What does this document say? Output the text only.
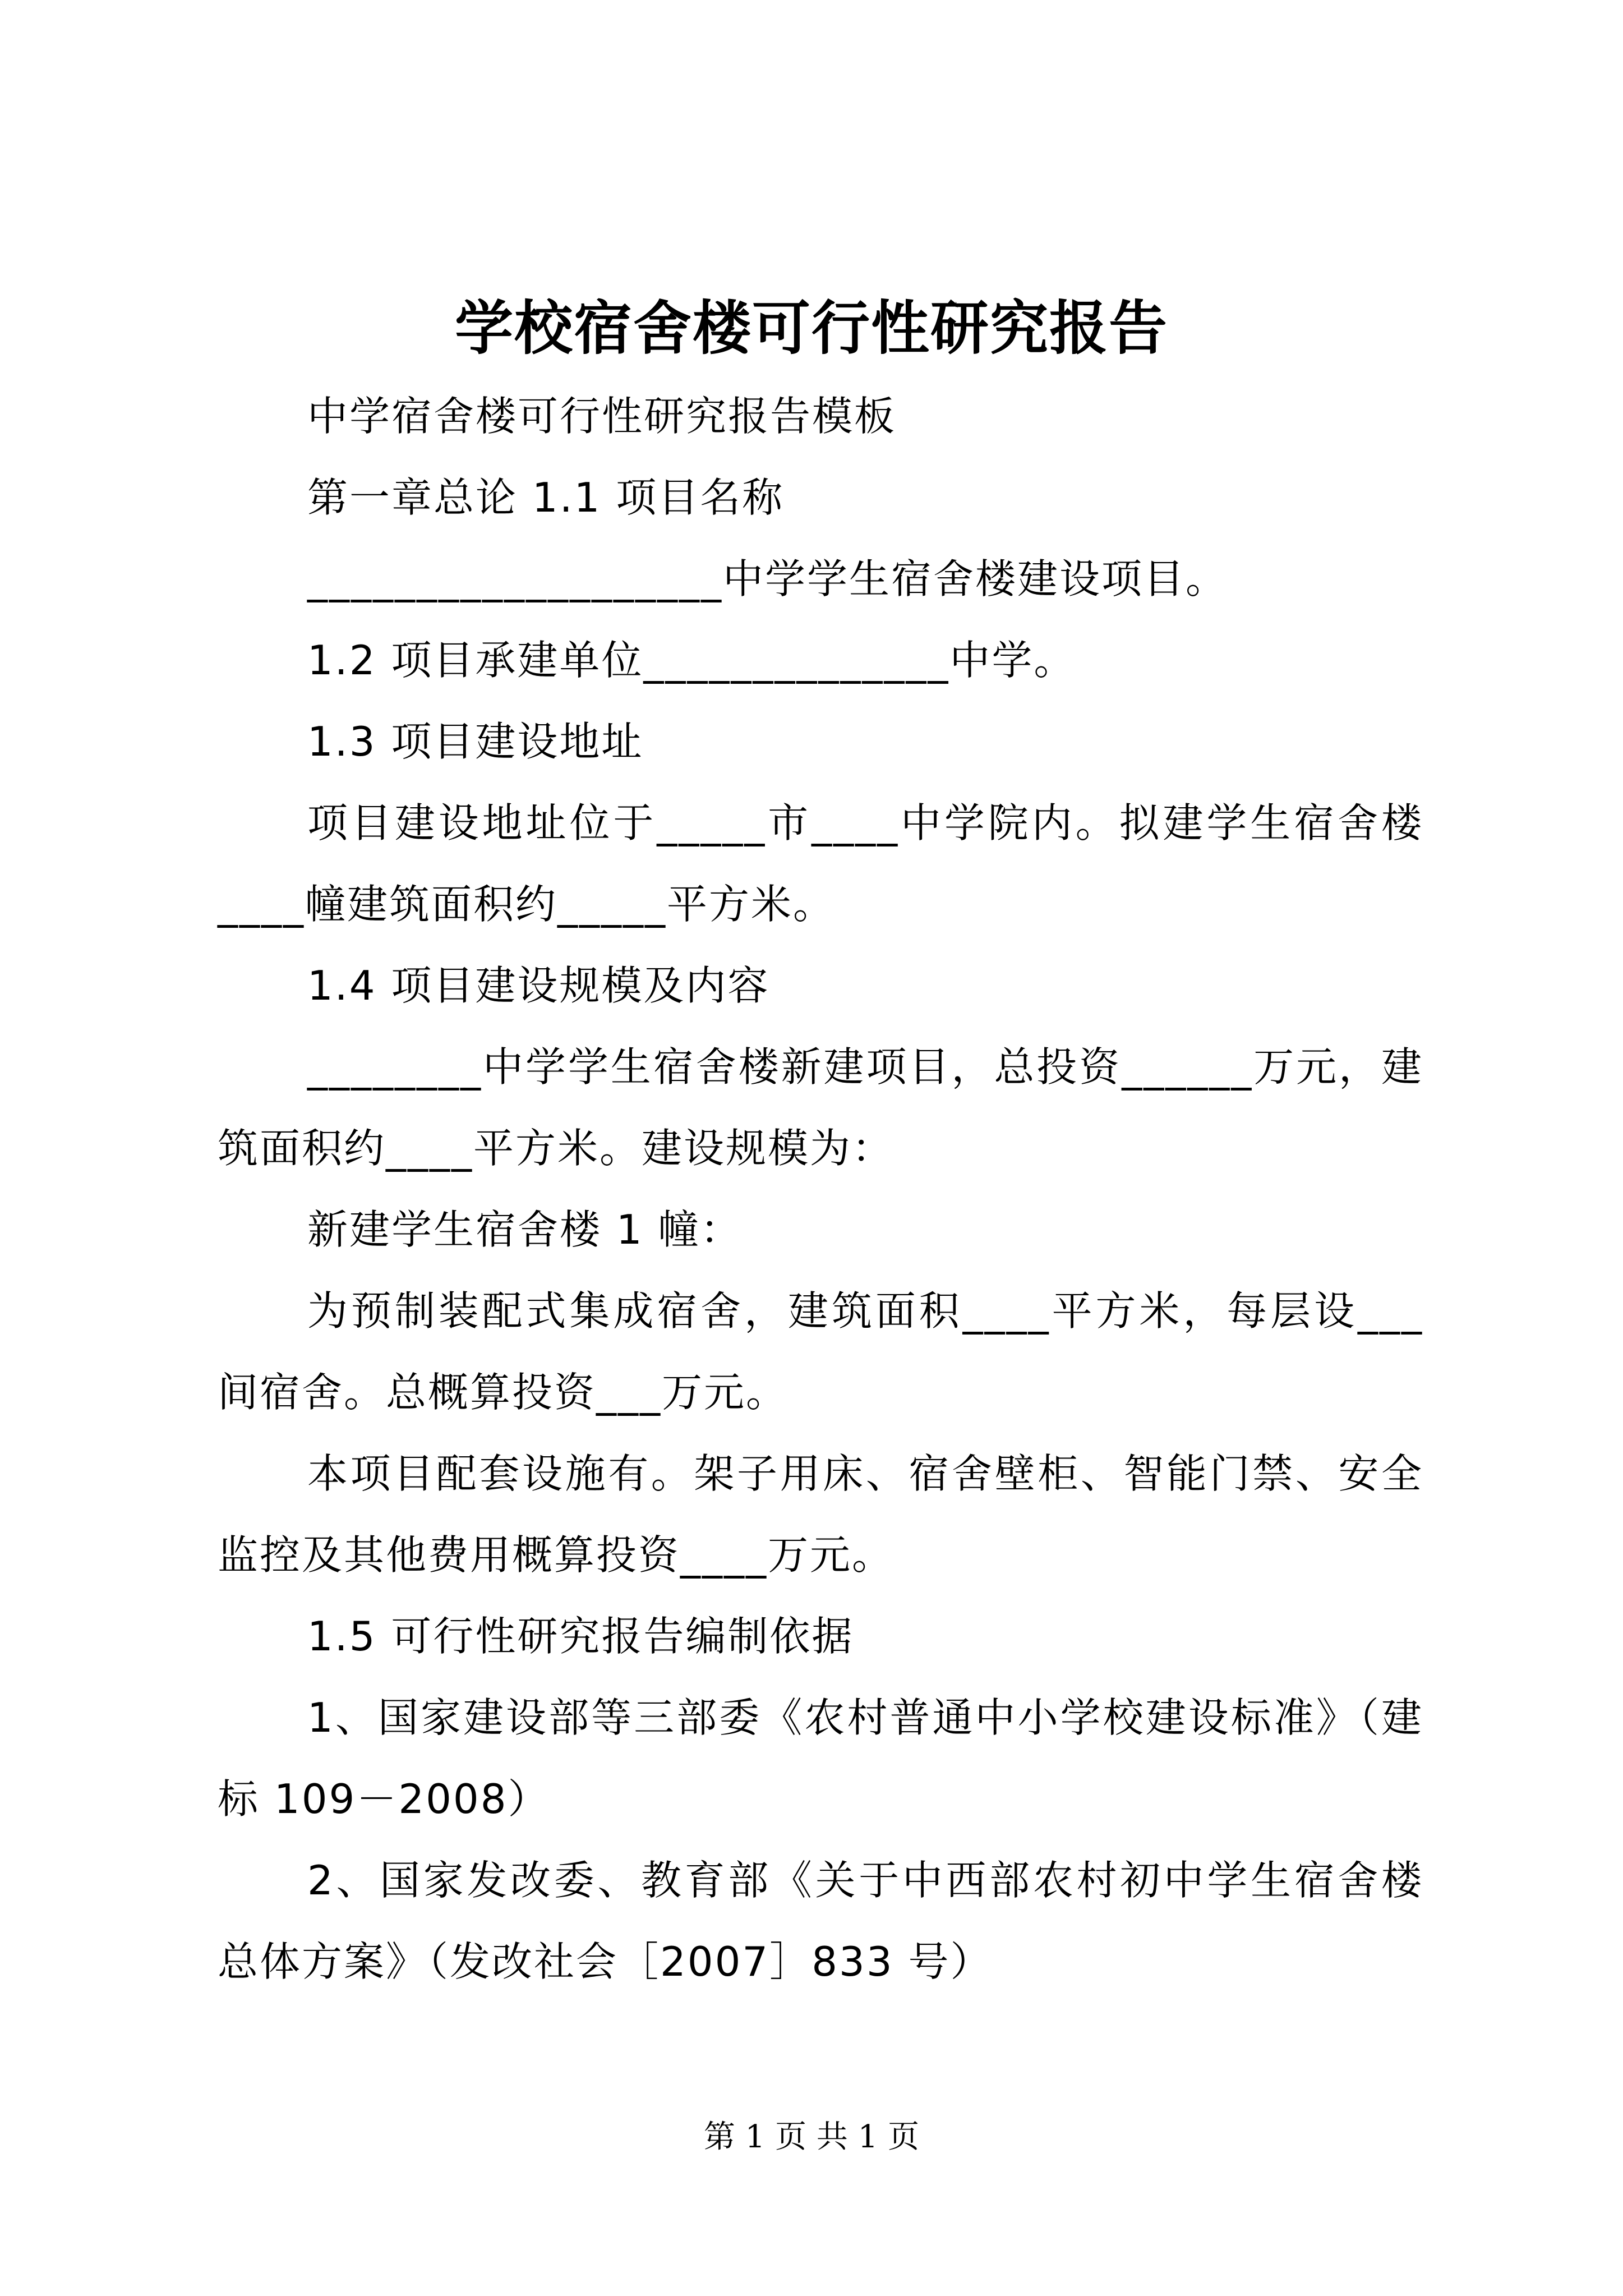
学校宿舍楼可行性研究报告

中学宿舍楼可行性研究报告模板

第一章总论 1.1 项目名称

___________________中学学生宿舍楼建设项目。

1.2 项目承建单位______________中学。

1.3 项目建设地址

项目建设地址位于_____市____中学院内。拟建学生宿舍楼____幢建筑面积约_____平方米。

1.4 项目建设规模及内容

________中学学生宿舍楼新建项目，总投资______万元，建筑面积约____平方米。建设规模为：

新建学生宿舍楼 1 幢：

为预制装配式集成宿舍，建筑面积____平方米，每层设___间宿舍。总概算投资___万元。

本项目配套设施有。架子用床、宿舍壁柜、智能门禁、安全监控及其他费用概算投资____万元。

1.5 可行性研究报告编制依据

1、国家建设部等三部委《农村普通中小学校建设标准》（建标 109－2008）

2、国家发改委、教育部《关于中西部农村初中学生宿舍楼总体方案》（发改社会［2007］833 号）

第 1 页 共 1 页
